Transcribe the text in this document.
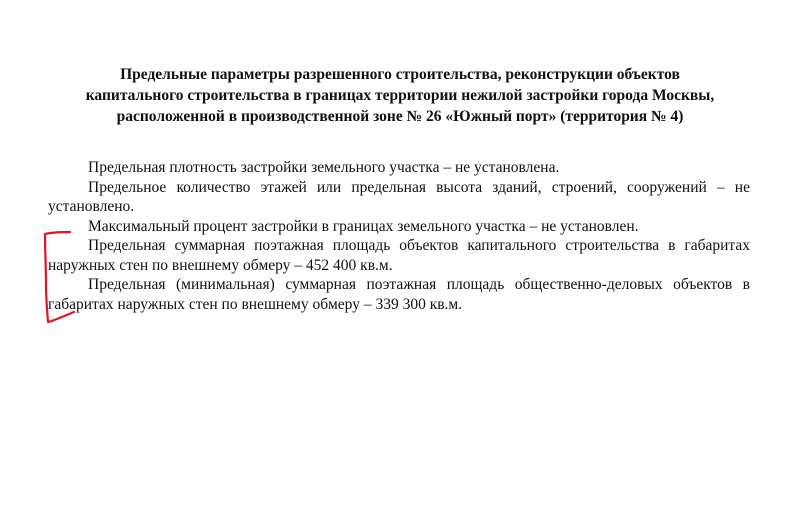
Предельные параметры разрешенного строительства, реконструкции объектов
капитального строительства в границах территории нежилой застройки города Москвы,
расположенной в производственной зоне № 26 «Южный порт» (территория № 4)

Предельная плотность застройки земельного участка – не установлена.

Предельное количество этажей или предельная высота зданий, строений, сооружений – не установлено.

Максимальный процент застройки в границах земельного участка – не установлен.

Предельная суммарная поэтажная площадь объектов капитального строительства в габаритах наружных стен по внешнему обмеру – 452 400 кв.м.

Предельная (минимальная) суммарная поэтажная площадь общественно-деловых объектов в габаритах наружных стен по внешнему обмеру – 339 300 кв.м.
